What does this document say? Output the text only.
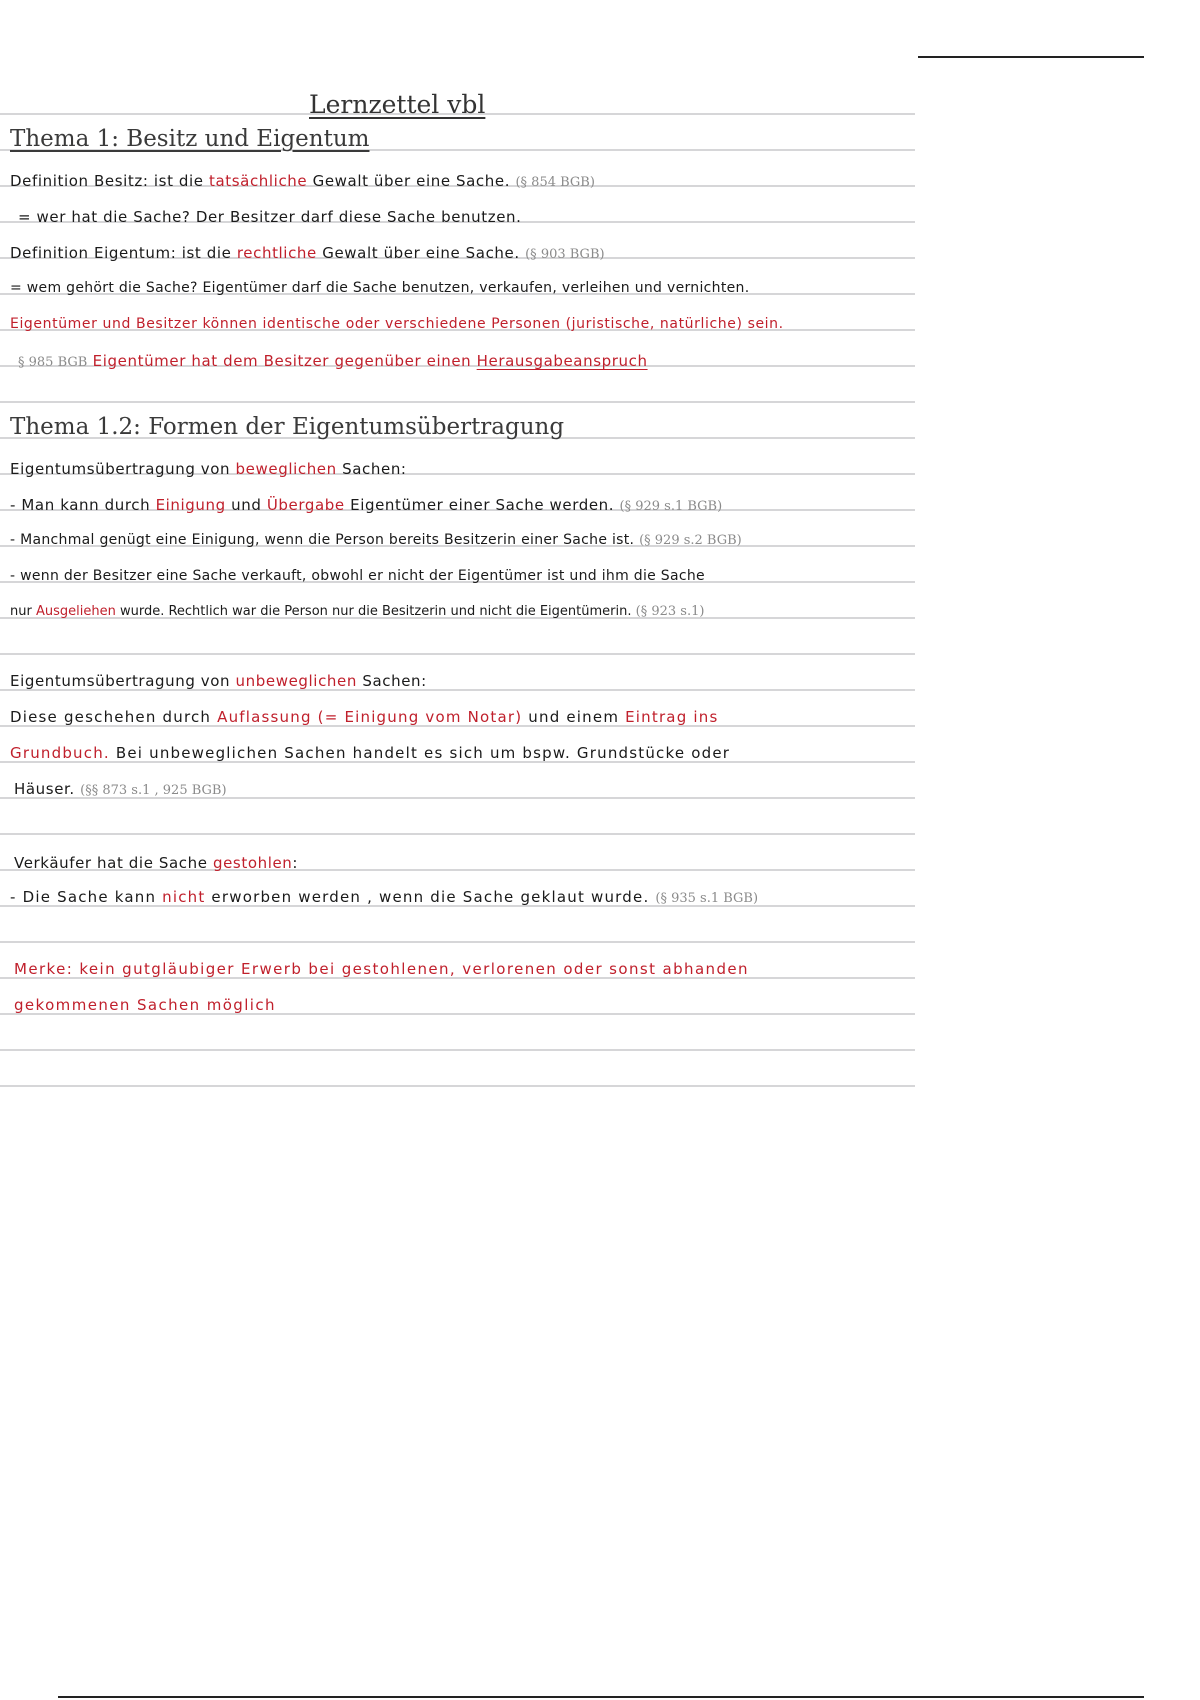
Lernzettel vbl
Thema 1: Besitz und Eigentum
Definition Besitz: ist die tatsächliche Gewalt über eine Sache. (§ 854 BGB)
= wer hat die Sache? Der Besitzer darf diese Sache benutzen.
Definition Eigentum: ist die rechtliche Gewalt über eine Sache. (§ 903 BGB)
= wem gehört die Sache? Eigentümer darf die Sache benutzen, verkaufen, verleihen und vernichten.
Eigentümer und Besitzer können identische oder verschiedene Personen (juristische, natürliche) sein.
§ 985 BGB Eigentümer hat dem Besitzer gegenüber einen Herausgabeanspruch
Thema 1.2: Formen der Eigentumsübertragung
Eigentumsübertragung von beweglichen Sachen:
- Man kann durch Einigung und Übergabe Eigentümer einer Sache werden. (§ 929 s.1 BGB)
- Manchmal genügt eine Einigung, wenn die Person bereits Besitzerin einer Sache ist. (§ 929 s.2 BGB)
- wenn der Besitzer eine Sache verkauft, obwohl er nicht der Eigentümer ist und ihm die Sache
nur Ausgeliehen wurde. Rechtlich war die Person nur die Besitzerin und nicht die Eigentümerin. (§ 923 s.1)
Eigentumsübertragung von unbeweglichen Sachen:
Diese geschehen durch Auflassung (= Einigung vom Notar) und einem Eintrag ins
Grundbuch. Bei unbeweglichen Sachen handelt es sich um bspw. Grundstücke oder
Häuser. (§§ 873 s.1 , 925 BGB)
Verkäufer hat die Sache gestohlen:
- Die Sache kann nicht erworben werden , wenn die Sache geklaut wurde. (§ 935 s.1 BGB)
Merke: kein gutgläubiger Erwerb bei gestohlenen, verlorenen oder sonst abhanden
gekommenen Sachen möglich
